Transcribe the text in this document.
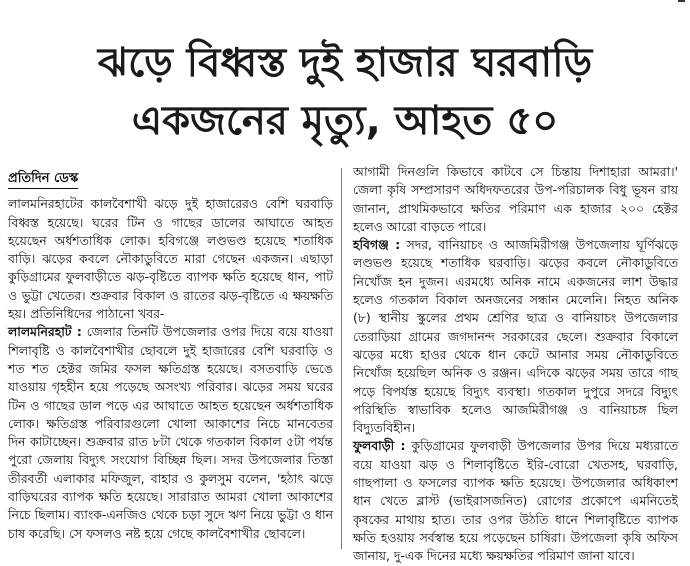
ঝড়ে বিধ্বস্ত দুই হাজার ঘরবাড়ি
একজনের মৃত্যু, আহত ৫০
প্রতিদিন ডেস্ক

লালমনিরহাটের কালবৈশাখী ঝড়ে দুই হাজারেরও বেশি ঘরবাড়ি বিধ্বস্ত হয়েছে। ঘরের টিন ও গাছের ডালের আঘাতে আহত হয়েছেন অর্ধশতাধিক লোক। হবিগঞ্জে লণ্ডভণ্ড হয়েছে শতাধিক বাড়ি। ঝড়ের কবলে নৌকাডুবিতে মারা গেছেন একজন। এছাড়া কুড়িগ্রামের ফুলবাড়ীতে ঝড়-বৃষ্টিতে ব্যাপক ক্ষতি হয়েছে ধান, পাট ও ভুট্টা খেতের। শুক্রবার বিকাল ও রাতের ঝড়-বৃষ্টিতে এ ক্ষয়ক্ষতি হয়। প্রতিনিধিদের পাঠানো খবর-

লালমনিরহাট : জেলার তিনটি উপজেলার ওপর দিয়ে বয়ে যাওয়া শিলাবৃষ্টি ও কালবৈশাখীর ছোবলে দুই হাজারের বেশি ঘরবাড়ি ও শত শত হেক্টর জমির ফসল ক্ষতিগ্রস্ত হয়েছে। বসতবাড়ি ভেঙে যাওয়ায় গৃহহীন হয়ে পড়েছে অসংখ্য পরিবার। ঝড়ের সময় ঘরের টিন ও গাছের ডাল পড়ে এর আঘাতে আহত হয়েছেন অর্ধশতাধিক লোক। ক্ষতিগ্রস্ত পরিবারগুলো খোলা আকাশের নিচে মানবেতর দিন কাটাচ্ছেন। শুক্রবার রাত ৮টা থেকে গতকাল বিকাল ৫টা পর্যন্ত পুরো জেলায় বিদ্যুৎ সংযোগ বিচ্ছিন্ন ছিল। সদর উপজেলার তিস্তা তীরবর্তী এলাকার মফিজুল, বাহার ও কুলসুম বলেন, 'হঠাৎ ঝড়ে বাড়িঘরের ব্যাপক ক্ষতি হয়েছে। সারারাত আমরা খোলা আকাশের নিচে ছিলাম। ব্যাংক-এনজিও থেকে চড়া সুদে ঋণ নিয়ে ভুট্টা ও ধান চাষ করেছি। সে ফসলও নষ্ট হয়ে গেছে কালবৈশাখীর ছোবলে।

আগামী দিনগুলি কিভাবে কাটবে সে চিন্তায় দিশাহারা আমরা।' জেলা কৃষি সম্প্রসারণ অধিদফতরের উপ-পরিচালক বিধু ভূষন রায় জানান, প্রাথমিকভাবে ক্ষতির পরিমাণ এক হাজার ২০০ হেক্টর হলেও আরো বাড়তে পারে।

হবিগঞ্জ : সদর, বানিয়াচং ও আজমিরীগঞ্জ উপজেলায় ঘূর্ণিঝড়ে লণ্ডভণ্ড হয়েছে শতাধিক ঘরবাড়ি। ঝড়ের কবলে নৌকাডুবিতে নিখোঁজ হন দুজন। এরমধ্যে অনিক নামে একজনের লাশ উদ্ধার হলেও গতকাল বিকাল অনজনের সন্ধান মেলেনি। নিহত অনিক (৮) স্থানীয় স্কুলের প্রথম শ্রেণির ছাত্র ও বানিয়াচং উপজেলার তেরাড়িয়া গ্রামের জগদানন্দ সরকারের ছেলে। শুক্রবার বিকালে ঝড়ের মধ্যে হাওর থেকে ধান কেটে আনার সময় নৌকাডুবিতে নিখোঁজ হয়েছিল অনিক ও রঞ্জন। এদিকে ঝড়ের সময় তারে গাছ পড়ে বিপর্যস্ত হয়েছে বিদ্যুৎ ব্যবস্থা। গতকাল দুপুরে সদরে বিদ্যুৎ পরিস্থিতি স্বাভাবিক হলেও আজমিরীগঞ্জ ও বানিয়াচঙ্গ ছিল বিদ্যুতবিহীন।

ফুলবাড়ী : কুড়িগ্রামের ফুলবাড়ী উপজেলার উপর দিয়ে মধ্যরাতে বয়ে যাওয়া ঝড় ও শিলাবৃষ্টিতে ইরি-বোরো খেতসহ, ঘরবাড়ি, গাছপালা ও ফসলের ব্যাপক ক্ষতি হয়েছে। উপজেলার অধিকাংশ ধান খেতে ব্লাস্ট (ভাইরাসজনিত) রোগের প্রকোপে এমনিতেই কৃষকের মাথায় হাত। তার ওপর উঠতি ধানে শিলাবৃষ্টিতে ব্যাপক ক্ষতি হওয়ায় সর্বস্বান্ত হয়ে পড়েছেন চাষিরা। উপজেলা কৃষি অফিস জানায়, দু-এক দিনের মধ্যে ক্ষয়ক্ষতির পরিমাণ জানা যাবে।
